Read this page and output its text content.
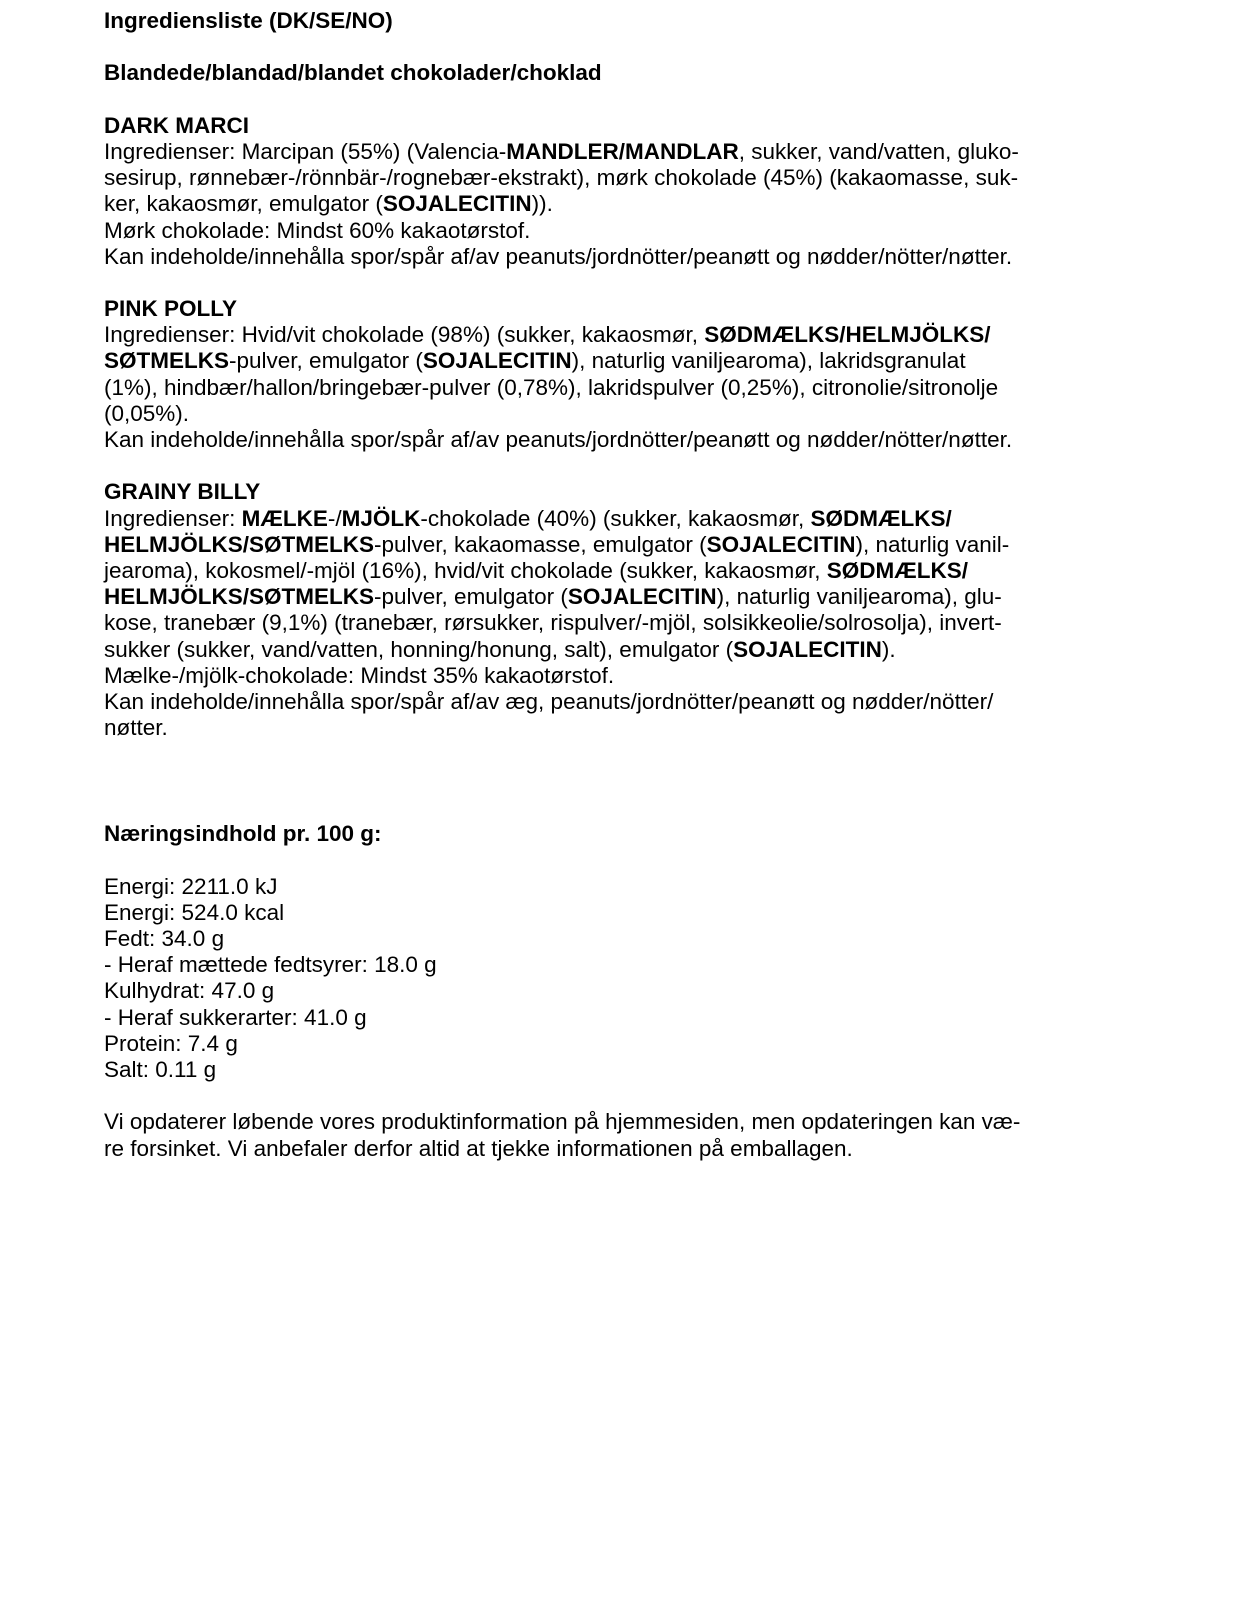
Ingrediensliste (DK/SE/NO)
Blandede/blandad/blandet chokolader/choklad
DARK MARCI
Ingredienser: Marcipan (55%) (Valencia-MANDLER/MANDLAR, sukker, vand/vatten, gluko-
sesirup, rønnebær-/rönnbär-/rognebær-ekstrakt), mørk chokolade (45%) (kakaomasse, suk-
ker, kakaosmør, emulgator (SOJALECITIN)).
Mørk chokolade: Mindst 60% kakaotørstof.
Kan indeholde/innehålla spor/spår af/av peanuts/jordnötter/peanøtt og nødder/nötter/nøtter.
PINK POLLY
Ingredienser: Hvid/vit chokolade (98%) (sukker, kakaosmør, SØDMÆLKS/HELMJÖLKS/
SØTMELKS-pulver, emulgator (SOJALECITIN), naturlig vaniljearoma), lakridsgranulat
(1%), hindbær/hallon/bringebær-pulver (0,78%), lakridspulver (0,25%), citronolie/sitronolje
(0,05%).
Kan indeholde/innehålla spor/spår af/av peanuts/jordnötter/peanøtt og nødder/nötter/nøtter.
GRAINY BILLY
Ingredienser: MÆLKE-/MJÖLK-chokolade (40%) (sukker, kakaosmør, SØDMÆLKS/
HELMJÖLKS/SØTMELKS-pulver, kakaomasse, emulgator (SOJALECITIN), naturlig vanil-
jearoma), kokosmel/-mjöl (16%), hvid/vit chokolade (sukker, kakaosmør, SØDMÆLKS/
HELMJÖLKS/SØTMELKS-pulver, emulgator (SOJALECITIN), naturlig vaniljearoma), glu-
kose, tranebær (9,1%) (tranebær, rørsukker, rispulver/-mjöl, solsikkeolie/solrosolja), invert-
sukker (sukker, vand/vatten, honning/honung, salt), emulgator (SOJALECITIN).
Mælke-/mjölk-chokolade: Mindst 35% kakaotørstof.
Kan indeholde/innehålla spor/spår af/av æg, peanuts/jordnötter/peanøtt og nødder/nötter/
nøtter.
Næringsindhold pr. 100 g:
Energi: 2211.0 kJ
Energi: 524.0 kcal
Fedt: 34.0 g
- Heraf mættede fedtsyrer: 18.0 g
Kulhydrat: 47.0 g
- Heraf sukkerarter: 41.0 g
Protein: 7.4 g
Salt: 0.11 g
Vi opdaterer løbende vores produktinformation på hjemmesiden, men opdateringen kan væ-
re forsinket. Vi anbefaler derfor altid at tjekke informationen på emballagen.
